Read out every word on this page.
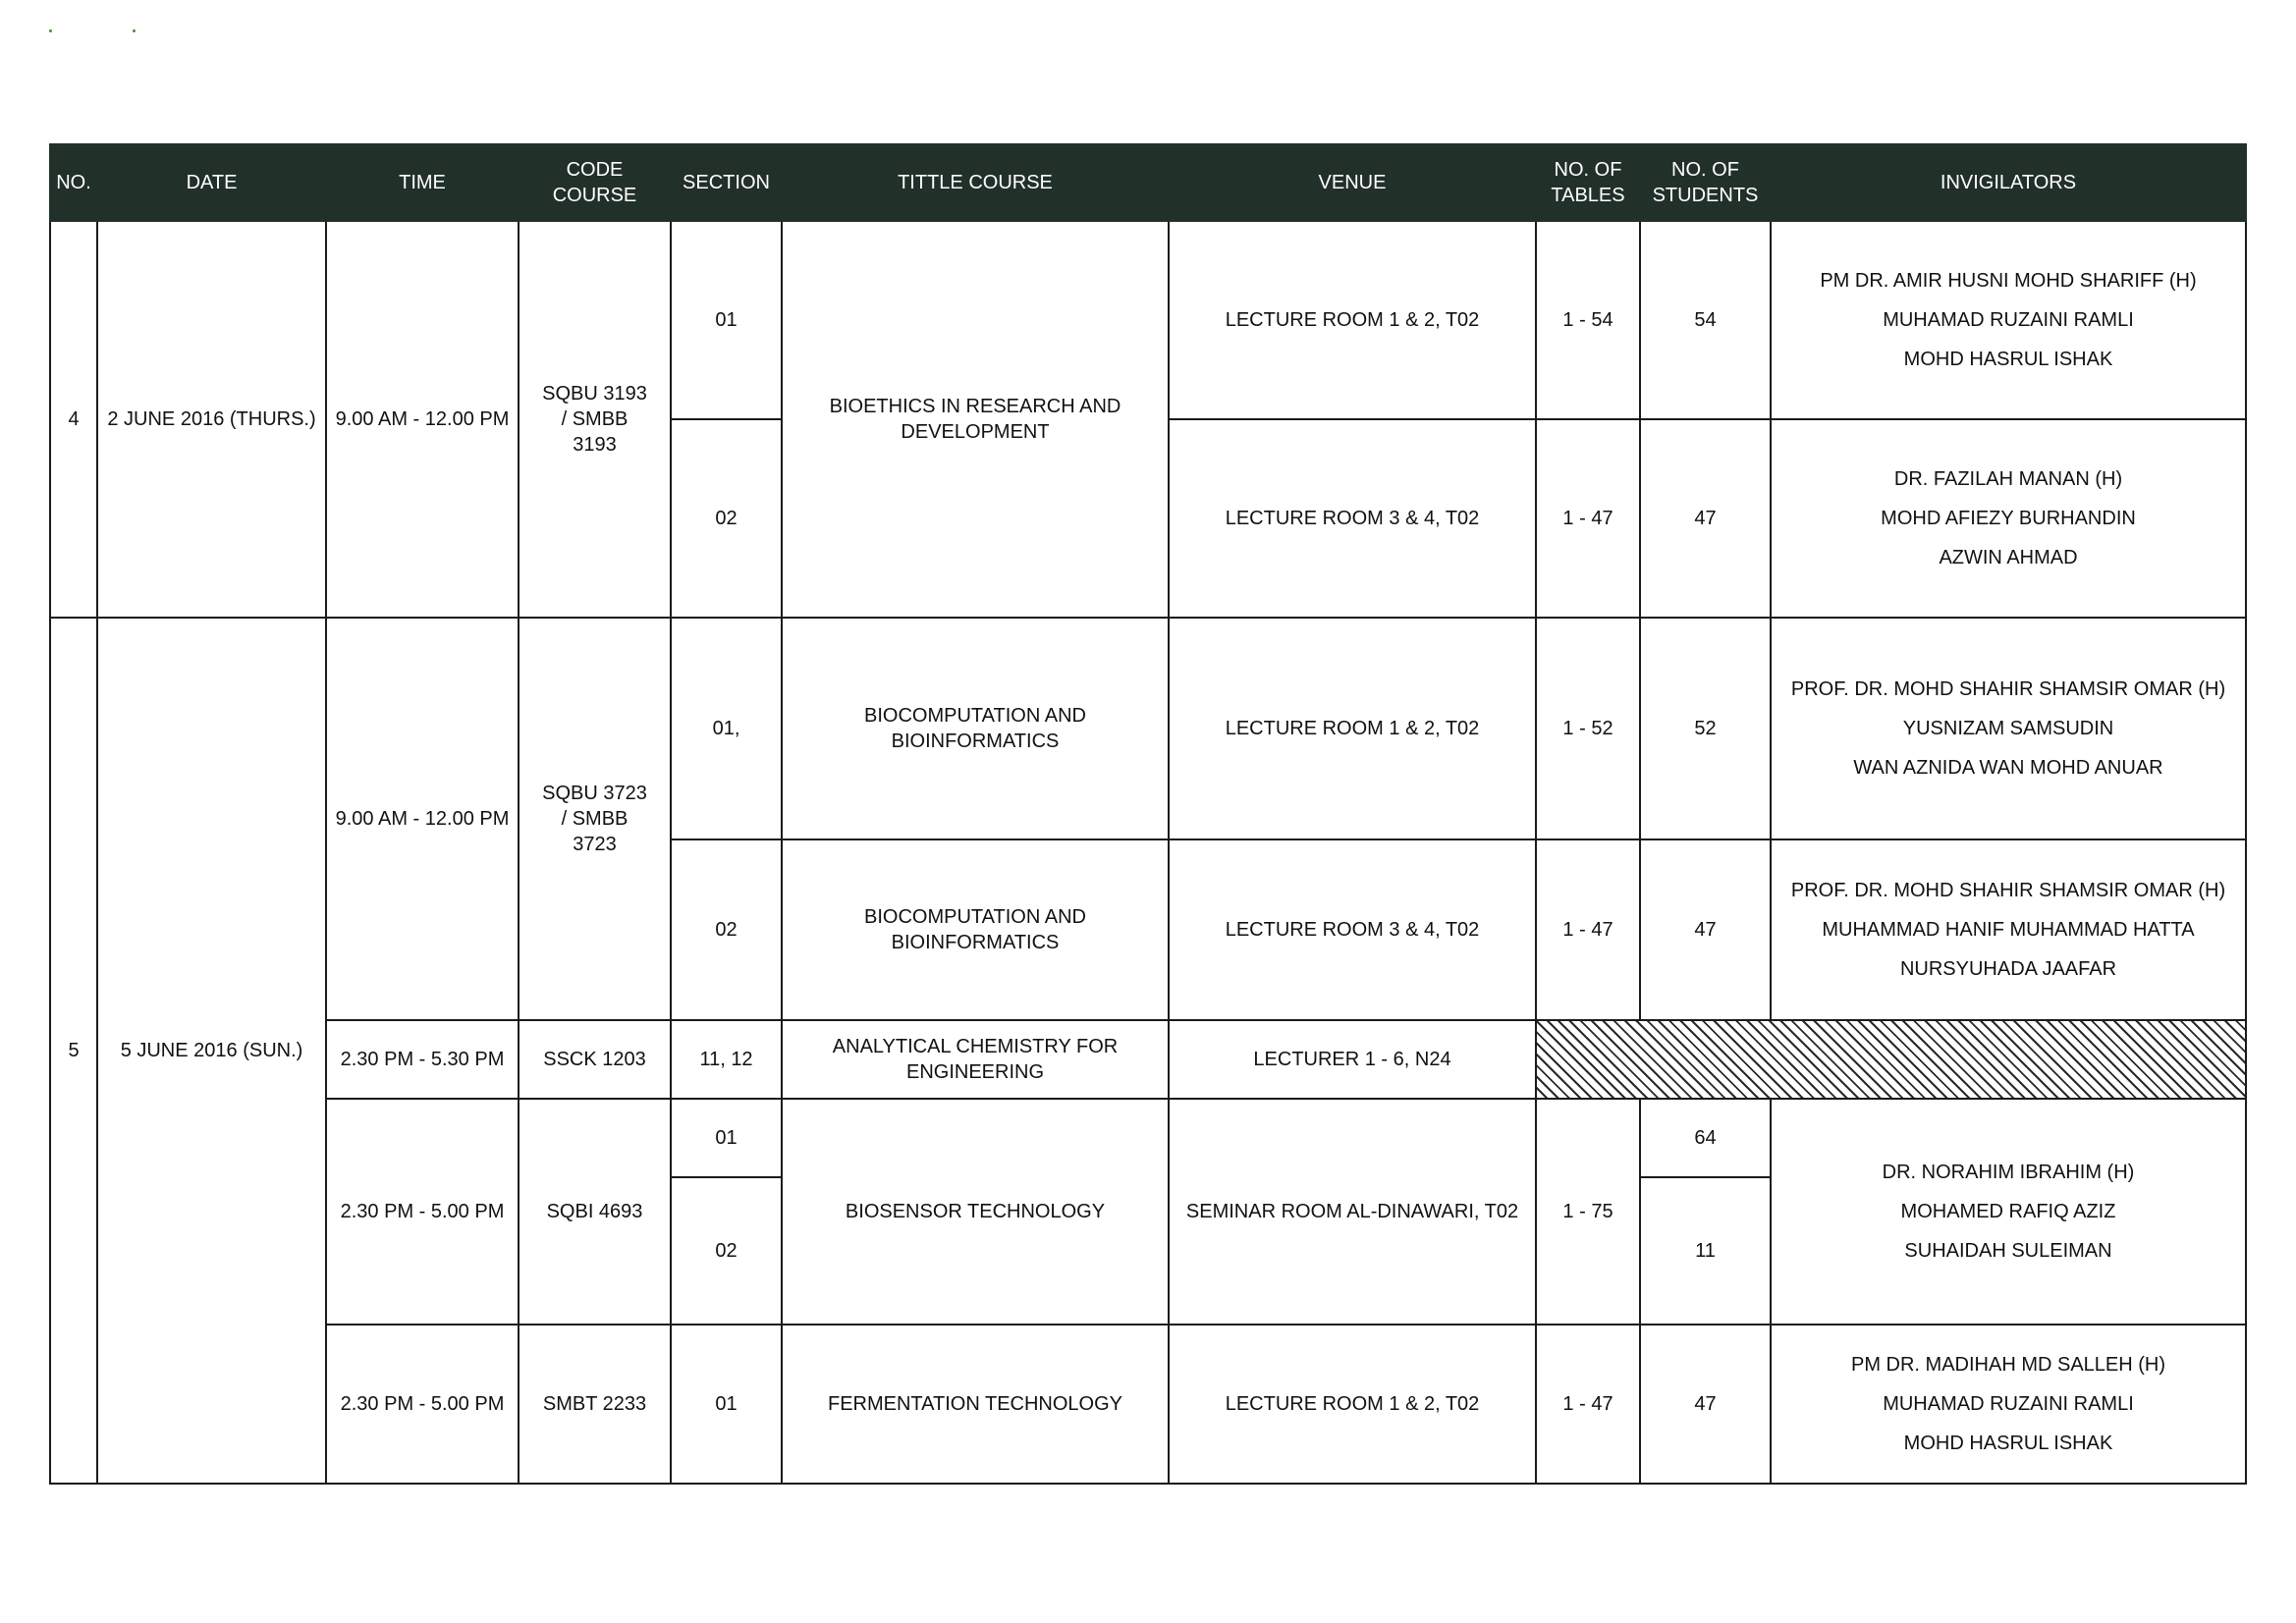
NO.	DATE	TIME	CODE COURSE	SECTION	TITTLE COURSE	VENUE	NO. OF TABLES	NO. OF STUDENTS	INVIGILATORS
4	2 JUNE 2016 (THURS.)	9.00 AM - 12.00 PM	SQBU 3193 / SMBB 3193	01	BIOETHICS IN RESEARCH AND DEVELOPMENT	LECTURE ROOM 1 & 2, T02	1 - 54	54	PM DR. AMIR HUSNI MOHD SHARIFF (H)
MUHAMAD RUZAINI RAMLI
MOHD HASRUL ISHAK

				02		LECTURE ROOM 3 & 4, T02	1 - 47	47	DR. FAZILAH MANAN (H)
MOHD AFIEZY BURHANDIN
AZWIN AHMAD

5	5 JUNE 2016 (SUN.)	9.00 AM - 12.00 PM	SQBU 3723 / SMBB 3723	01,	BIOCOMPUTATION AND BIOINFORMATICS	LECTURE ROOM 1 & 2, T02	1 - 52	52	PROF. DR. MOHD SHAHIR SHAMSIR OMAR (H)
YUSNIZAM SAMSUDIN
WAN AZNIDA WAN MOHD ANUAR

				02	BIOCOMPUTATION AND BIOINFORMATICS	LECTURE ROOM 3 & 4, T02	1 - 47	47	PROF. DR. MOHD SHAHIR SHAMSIR OMAR (H)
MUHAMMAD HANIF MUHAMMAD HATTA
NURSYUHADA JAAFAR

		2.30 PM - 5.30 PM	SSCK 1203	11, 12	ANALYTICAL CHEMISTRY FOR ENGINEERING	LECTURER 1 - 6, N24			
		2.30 PM - 5.00 PM	SQBI 4693	01	BIOSENSOR TECHNOLOGY	SEMINAR ROOM AL-DINAWARI, T02	1 - 75	64	DR. NORAHIM IBRAHIM (H)
MOHAMED RAFIQ AZIZ
SUHAIDAH SULEIMAN

				02				11	
		2.30 PM - 5.00 PM	SMBT 2233	01	FERMENTATION TECHNOLOGY	LECTURE ROOM 1 & 2, T02	1 - 47	47	PM DR. MADIHAH MD SALLEH (H)
MUHAMAD RUZAINI RAMLI
MOHD HASRUL ISHAK
